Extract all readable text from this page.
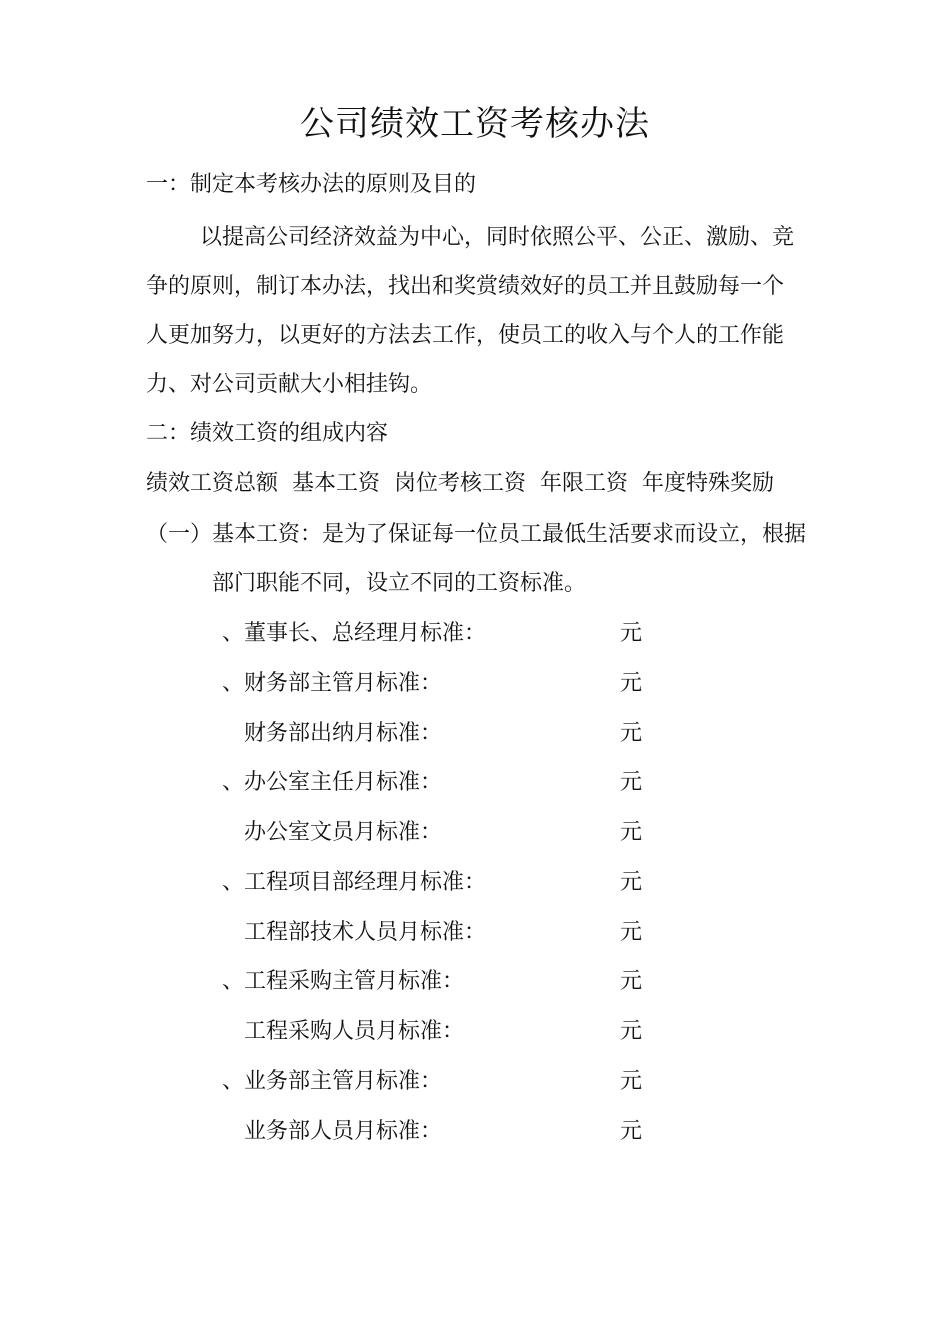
公司绩效工资考核办法
一：制定本考核办法的原则及目的
以提高公司经济效益为中心，同时依照公平、公正、激励、竞
争的原则，制订本办法，找出和奖赏绩效好的员工并且鼓励每一个
人更加努力，以更好的方法去工作，使员工的收入与个人的工作能
力、对公司贡献大小相挂钩。
二：绩效工资的组成内容
绩效工资总额  基本工资  岗位考核工资  年限工资  年度特殊奖励
（一）基本工资：是为了保证每一位员工最低生活要求而设立，根据
部门职能不同，设立不同的工资标准。
、董事长、总经理月标准：	元
、财务部主管月标准：	元
财务部出纳月标准：	元
、办公室主任月标准：	元
办公室文员月标准：	元
、工程项目部经理月标准：	元
工程部技术人员月标准：	元
、工程采购主管月标准：	元
工程采购人员月标准：	元
、业务部主管月标准：	元
业务部人员月标准：	元
